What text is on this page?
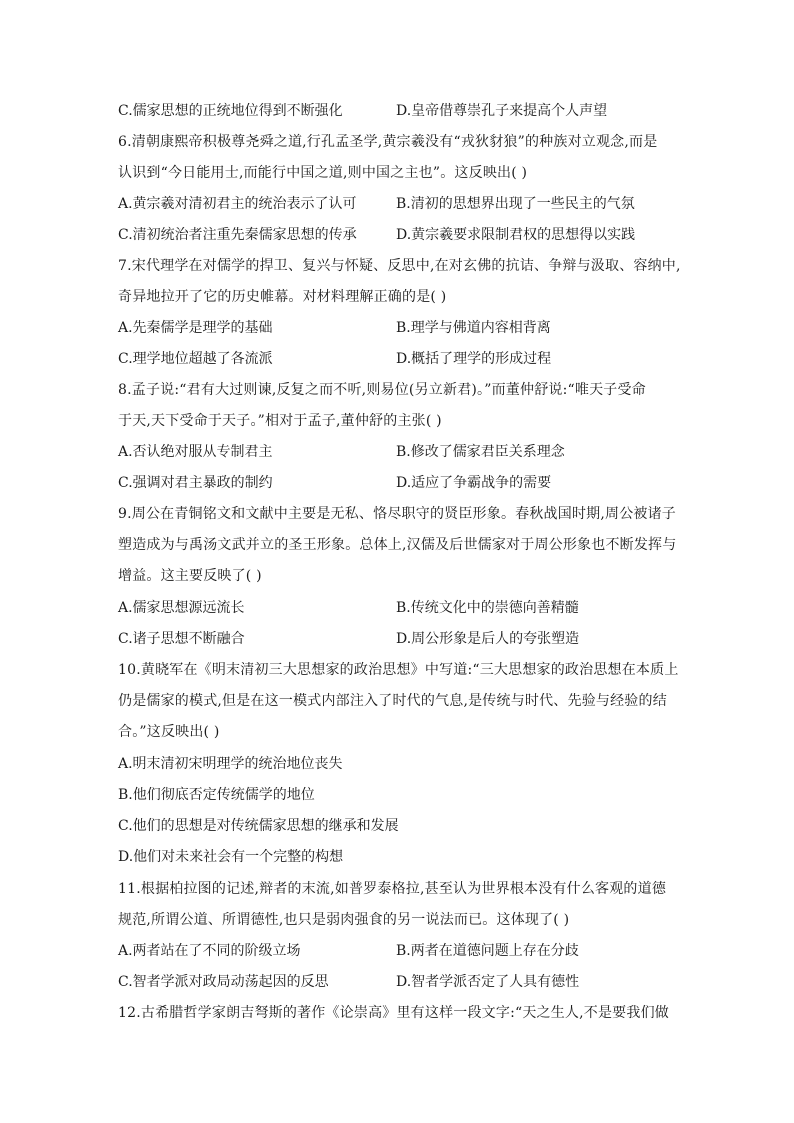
C.儒家思想的正统地位得到不断强化	D.皇帝借尊崇孔子来提高个人声望
6.清朝康熙帝积极尊尧舜之道,行孔孟圣学,黄宗羲没有“戎狄豺狼”的种族对立观念,而是
认识到“今日能用士,而能行中国之道,则中国之主也”。这反映出( )
A.黄宗羲对清初君主的统治表示了认可	B.清初的思想界出现了一些民主的气氛
C.清初统治者注重先秦儒家思想的传承	D.黄宗羲要求限制君权的思想得以实践
7.宋代理学在对儒学的捍卫、复兴与怀疑、反思中,在对玄佛的抗诘、争辩与汲取、容纳中,
奇异地拉开了它的历史帷幕。对材料理解正确的是( )
A.先秦儒学是理学的基础	B.理学与佛道内容相背离
C.理学地位超越了各流派	D.概括了理学的形成过程
8.孟子说:“君有大过则谏,反复之而不听,则易位(另立新君)。”而董仲舒说:“唯天子受命
于天,天下受命于天子。”相对于孟子,董仲舒的主张( )
A.否认绝对服从专制君主	B.修改了儒家君臣关系理念
C.强调对君主暴政的制约	D.适应了争霸战争的需要
9.周公在青铜铭文和文献中主要是无私、恪尽职守的贤臣形象。春秋战国时期,周公被诸子
塑造成为与禹汤文武并立的圣王形象。总体上,汉儒及后世儒家对于周公形象也不断发挥与
增益。这主要反映了( )
A.儒家思想源远流长	B.传统文化中的崇德向善精髓
C.诸子思想不断融合	D.周公形象是后人的夸张塑造
10.黄晓军在《明末清初三大思想家的政治思想》中写道:“三大思想家的政治思想在本质上
仍是儒家的模式,但是在这一模式内部注入了时代的气息,是传统与时代、先验与经验的结
合。”这反映出( )
A.明末清初宋明理学的统治地位丧失
B.他们彻底否定传统儒学的地位
C.他们的思想是对传统儒家思想的继承和发展
D.他们对未来社会有一个完整的构想
11.根据柏拉图的记述,辩者的末流,如普罗泰格拉,甚至认为世界根本没有什么客观的道德
规范,所谓公道、所谓德性,也只是弱肉强食的另一说法而已。这体现了( )
A.两者站在了不同的阶级立场	B.两者在道德问题上存在分歧
C.智者学派对政局动荡起因的反思	D.智者学派否定了人具有德性
12.古希腊哲学家朗吉弩斯的著作《论崇高》里有这样一段文字:“天之生人,不是要我们做
